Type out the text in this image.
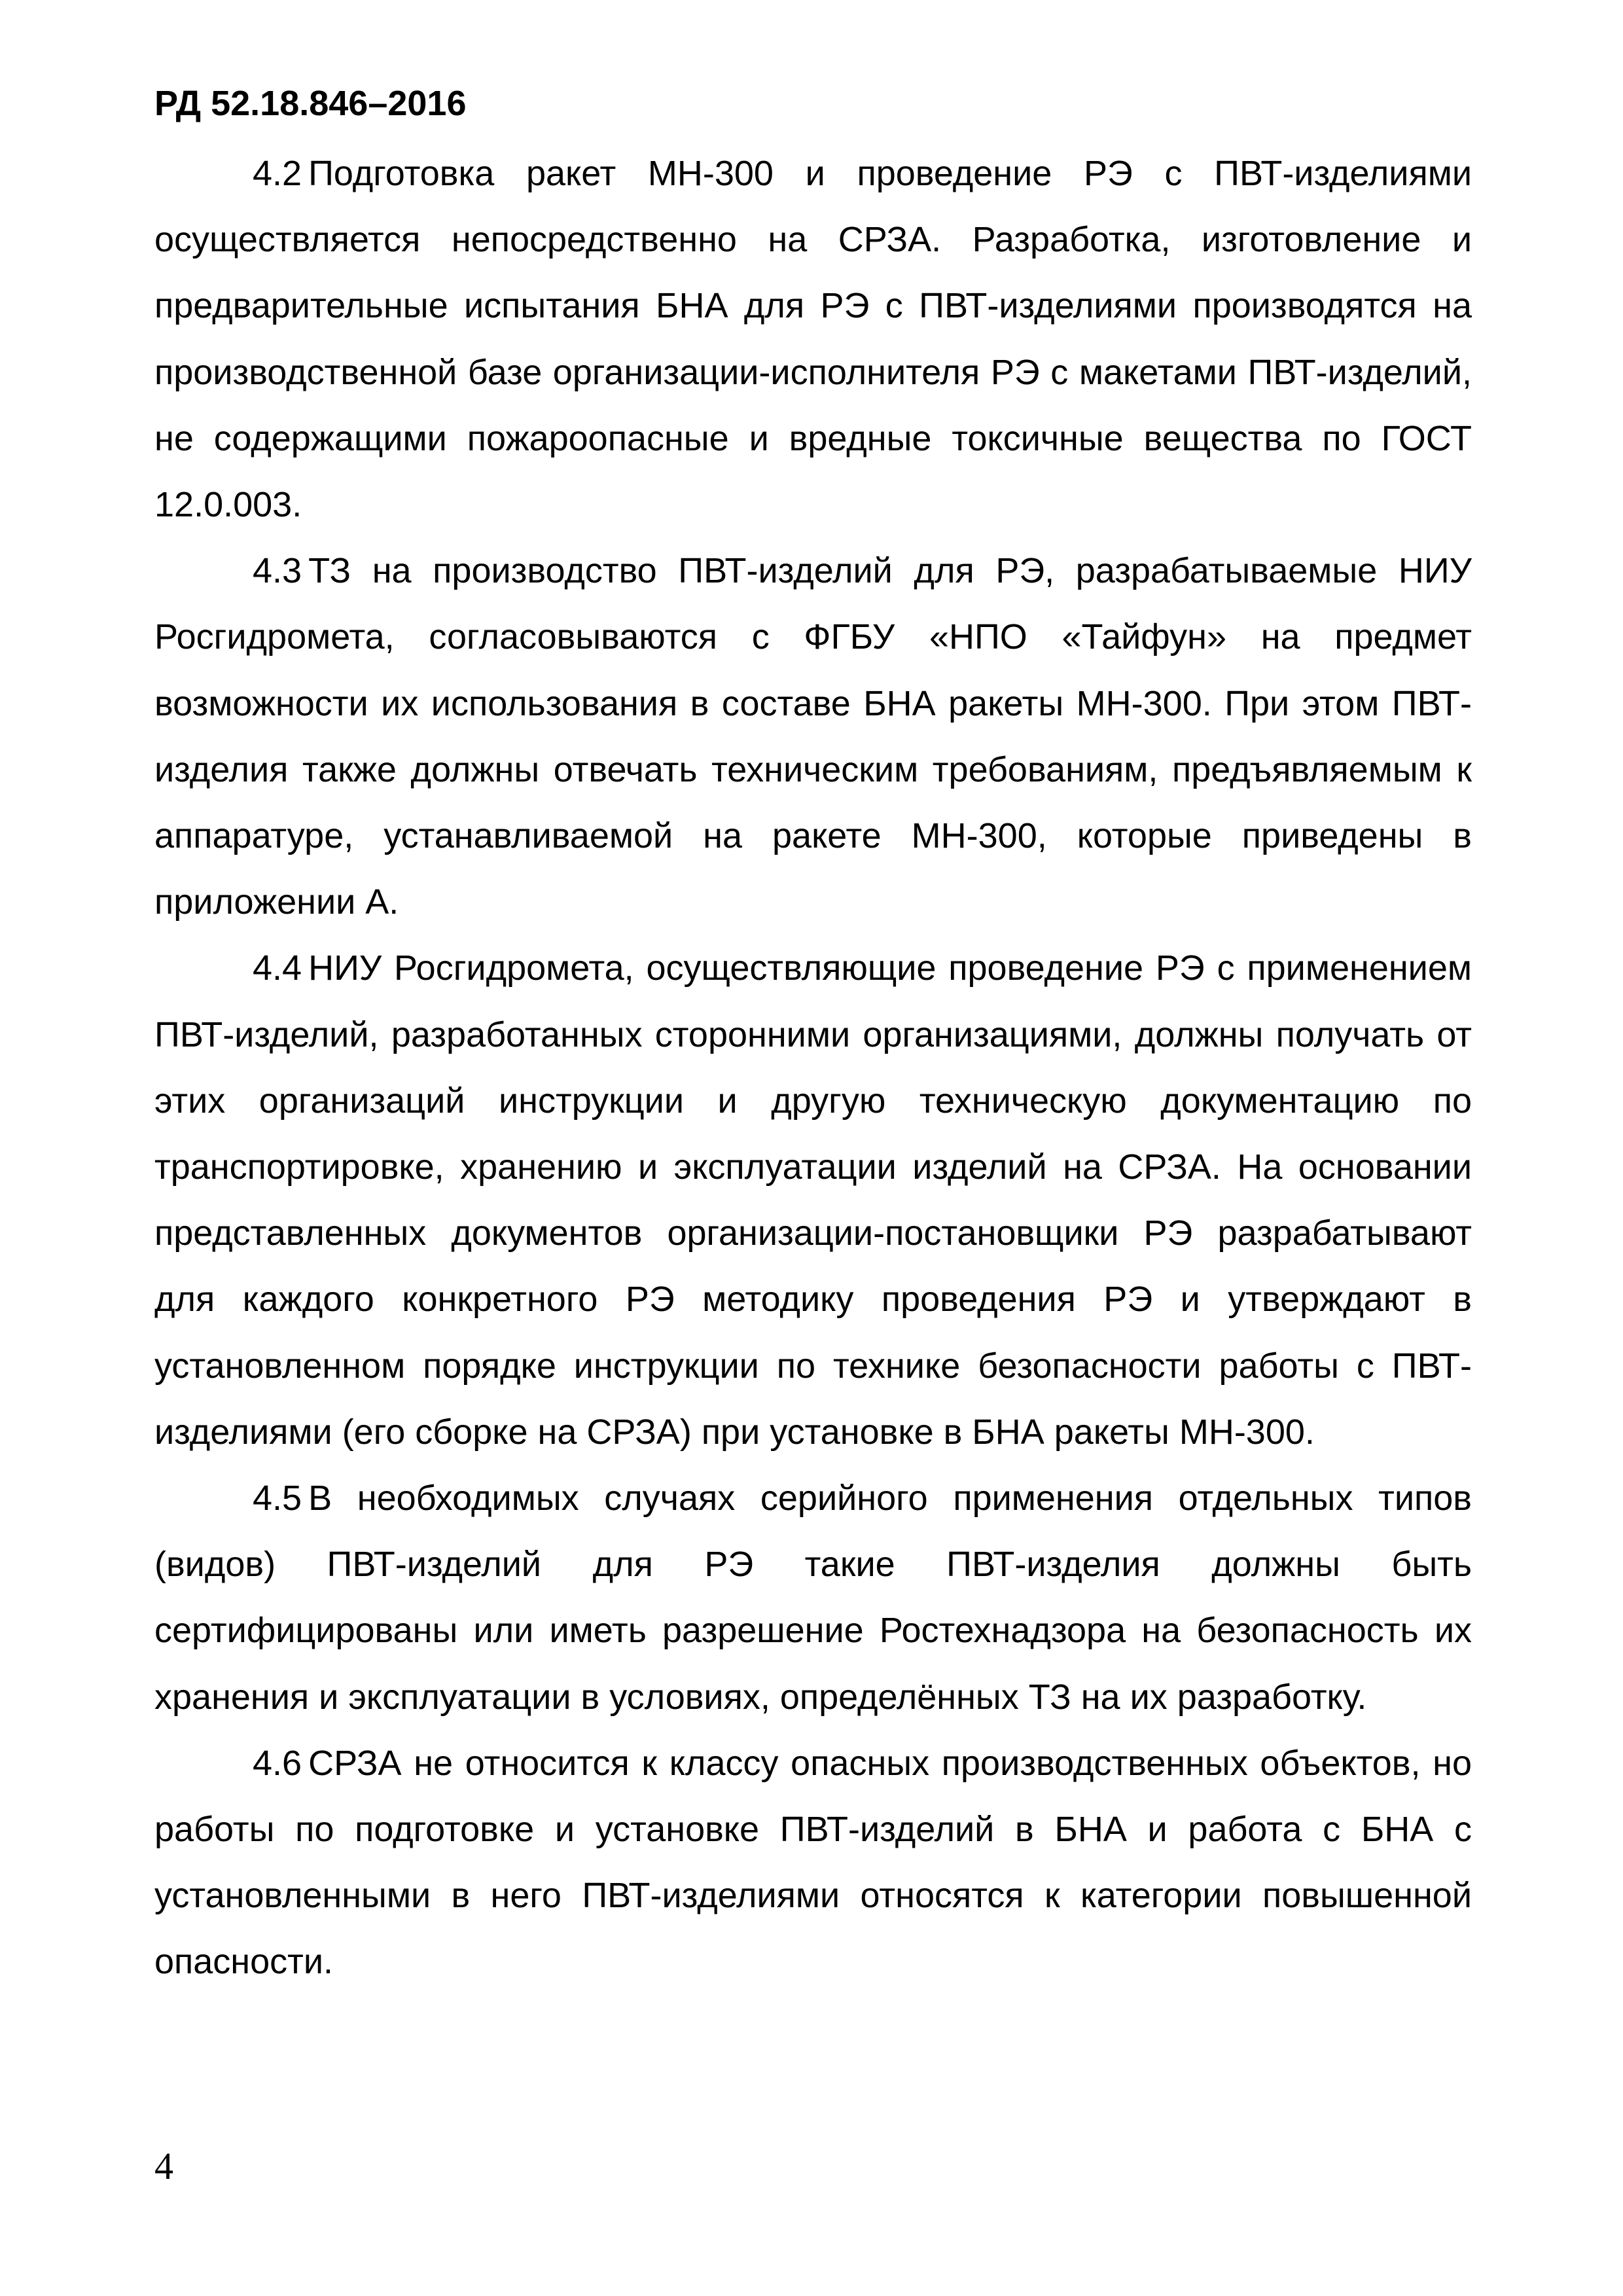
РД 52.18.846–2016

4.2 Подготовка ракет МН-300 и проведение РЭ с ПВТ-изделиями осуществляется непосредственно на СРЗА. Разработка, изготовление и предварительные испытания БНА для РЭ с ПВТ-изделиями производятся на производственной базе организации-исполнителя РЭ с макетами ПВТ-изделий, не содержащими пожароопасные и вредные токсичные вещества по ГОСТ 12.0.003.

4.3 ТЗ на производство ПВТ-изделий для РЭ, разрабатываемые НИУ Росгидромета, согласовываются с ФГБУ «НПО «Тайфун» на предмет возможности их использования в составе БНА ракеты МН-300. При этом ПВТ-изделия также должны отвечать техническим требованиям, предъявляемым к аппаратуре, устанавливаемой на ракете МН-300, которые приведены в приложении А.

4.4 НИУ Росгидромета, осуществляющие проведение РЭ с применением ПВТ-изделий, разработанных сторонними организациями, должны получать от этих организаций инструкции и другую техническую документацию по транспортировке, хранению и эксплуатации изделий на СРЗА. На основании представленных документов организации-постановщики РЭ разрабатывают для каждого конкретного РЭ методику проведения РЭ и утверждают в установленном порядке инструкции по технике безопасности работы с ПВТ-изделиями (его сборке на СРЗА) при установке в БНА ракеты МН-300.

4.5 В необходимых случаях серийного применения отдельных типов (видов) ПВТ-изделий для РЭ такие ПВТ-изделия должны быть сертифицированы или иметь разрешение Ростехнадзора на безопасность их хранения и эксплуатации в условиях, определённых ТЗ на их разработку.

4.6 СРЗА не относится к классу опасных производственных объектов, но работы по подготовке и установке ПВТ-изделий в БНА и работа с БНА с установленными в него ПВТ-изделиями относятся к категории повышенной опасности.

4
